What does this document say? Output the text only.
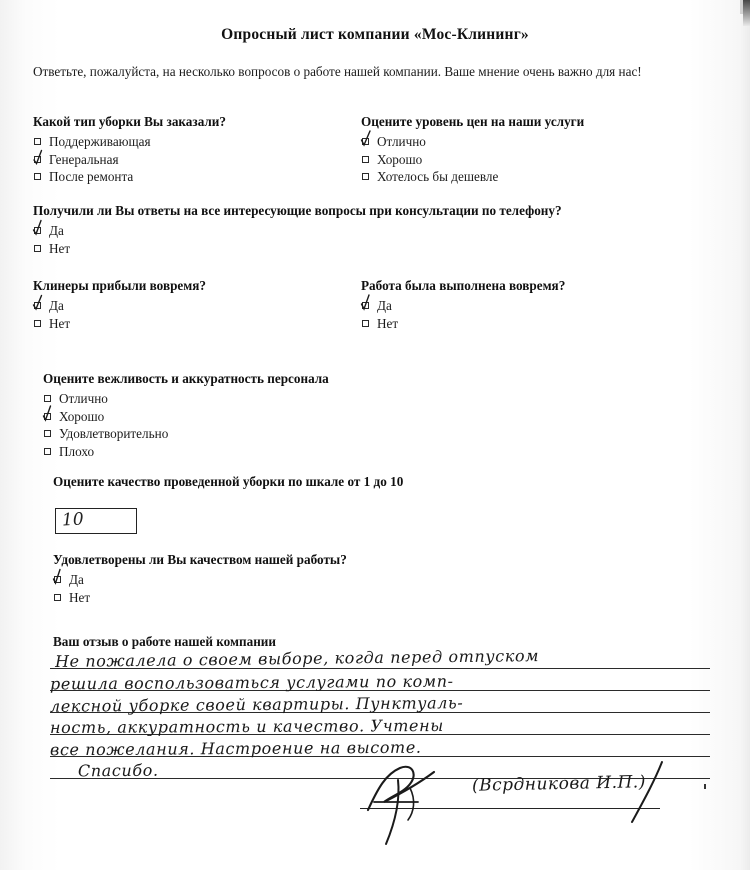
Опросный лист компании «Мос-Клининг»
Ответьте, пожалуйста, на несколько вопросов о работе нашей компании. Ваше мнение очень важно для нас!
Какой тип уборки Вы заказали?
Поддерживающая
Генеральная
После ремонта
Оцените уровень цен на наши услуги
Отлично
Хорошо
Хотелось бы дешевле
Получили ли Вы ответы на все интересующие вопросы при консультации по телефону?
Да
Нет
Клинеры прибыли вовремя?
Да
Нет
Работа была выполнена вовремя?
Да
Нет
Оцените вежливость и аккуратность персонала
Отлично
Хорошо
Удовлетворительно
Плохо
Оцените качество проведенной уборки по шкале от 1 до 10
10
Удовлетворены ли Вы качеством нашей работы?
Да
Нет
Ваш отзыв о работе нашей компании
Не пожалела о своем выборе, когда перед отпуском
решила воспользоваться услугами по комп-
лексной уборке своей квартиры. Пунктуаль-
ность, аккуратность и качество. Учтены
все пожелания. Настроение на высоте.
Спасибо.
(Всрдникова И.П.)
